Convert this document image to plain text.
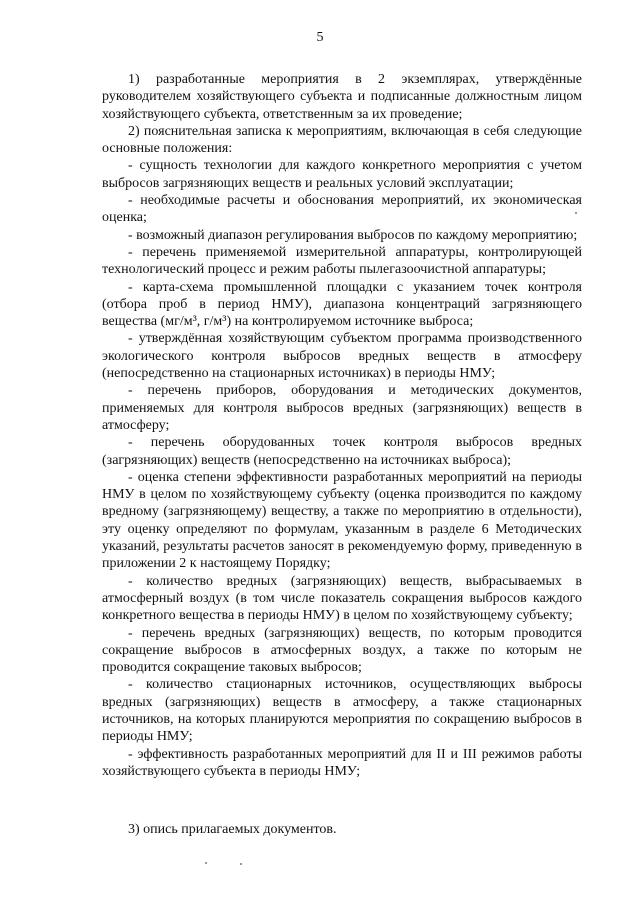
5

1) разработанные мероприятия в 2 экземплярах, утверждённые руководителем хозяйствующего субъекта и подписанные должностным лицом хозяйствующего субъекта, ответственным за их проведение;

2) пояснительная записка к мероприятиям, включающая в себя следующие основные положения:

- сущность технологии для каждого конкретного мероприятия с учетом выбросов загрязняющих веществ и реальных условий эксплуатации;

- необходимые расчеты и обоснования мероприятий, их экономическая оценка;

- возможный диапазон регулирования выбросов по каждому мероприятию;

- перечень применяемой измерительной аппаратуры, контролирующей технологический процесс и режим работы пылегазоочистной аппаратуры;

- карта-схема промышленной площадки с указанием точек контроля (отбора проб в период НМУ), диапазона концентраций загрязняющего вещества (мг/м³, г/м³) на контролируемом источнике выброса;

- утверждённая хозяйствующим субъектом программа производственного экологического контроля выбросов вредных веществ в атмосферу (непосредственно на стационарных источниках) в периоды НМУ;

- перечень приборов, оборудования и методических документов, применяемых для контроля выбросов вредных (загрязняющих) веществ в атмосферу;

- перечень оборудованных точек контроля выбросов вредных (загрязняющих) веществ (непосредственно на источниках выброса);

- оценка степени эффективности разработанных мероприятий на периоды НМУ в целом по хозяйствующему субъекту (оценка производится по каждому вредному (загрязняющему) веществу, а также по мероприятию в отдельности), эту оценку определяют по формулам, указанным в разделе 6 Методических указаний, результаты расчетов заносят в рекомендуемую форму, приведенную в приложении 2 к настоящему Порядку;

- количество вредных (загрязняющих) веществ, выбрасываемых в атмосферный воздух (в том числе показатель сокращения выбросов каждого конкретного вещества в периоды НМУ) в целом по хозяйствующему субъекту;

- перечень вредных (загрязняющих) веществ, по которым проводится сокращение выбросов в атмосферных воздух, а также по которым не проводится сокращение таковых выбросов;

- количество стационарных источников, осуществляющих выбросы вредных (загрязняющих) веществ в атмосферу, а также стационарных источников, на которых планируются мероприятия по сокращению выбросов в периоды НМУ;

- эффективность разработанных мероприятий для II и III режимов работы хозяйствующего субъекта в периоды НМУ;

3) опись прилагаемых документов.
